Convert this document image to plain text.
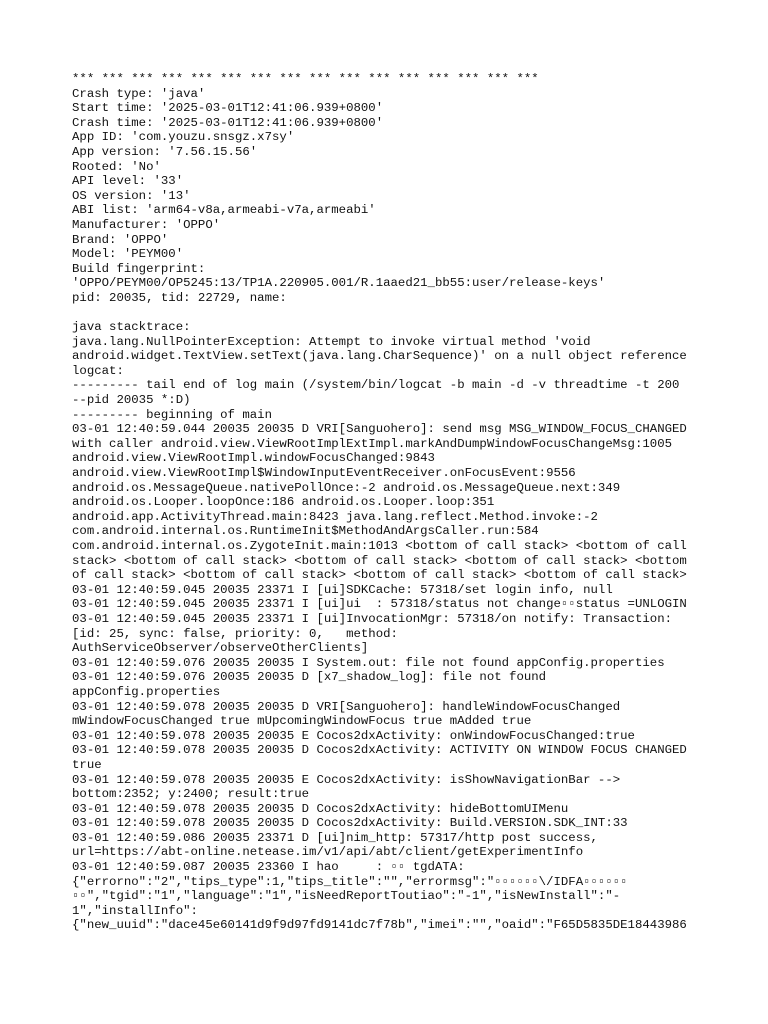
*** *** *** *** *** *** *** *** *** *** *** *** *** *** *** ***
Crash type: 'java'
Start time: '2025-03-01T12:41:06.939+0800'
Crash time: '2025-03-01T12:41:06.939+0800'
App ID: 'com.youzu.snsgz.x7sy'
App version: '7.56.15.56'
Rooted: 'No'
API level: '33'
OS version: '13'
ABI list: 'arm64-v8a,armeabi-v7a,armeabi'
Manufacturer: 'OPPO'
Brand: 'OPPO'
Model: 'PEYM00'
Build fingerprint:
'OPPO/PEYM00/OP5245:13/TP1A.220905.001/R.1aaed21_bb55:user/release-keys'
pid: 20035, tid: 22729, name:

java stacktrace:
java.lang.NullPointerException: Attempt to invoke virtual method 'void
android.widget.TextView.setText(java.lang.CharSequence)' on a null object reference
logcat:
--------- tail end of log main (/system/bin/logcat -b main -d -v threadtime -t 200
--pid 20035 *:D)
--------- beginning of main
03-01 12:40:59.044 20035 20035 D VRI[Sanguohero]: send msg MSG_WINDOW_FOCUS_CHANGED
with caller android.view.ViewRootImplExtImpl.markAndDumpWindowFocusChangeMsg:1005
android.view.ViewRootImpl.windowFocusChanged:9843
android.view.ViewRootImpl$WindowInputEventReceiver.onFocusEvent:9556
android.os.MessageQueue.nativePollOnce:-2 android.os.MessageQueue.next:349
android.os.Looper.loopOnce:186 android.os.Looper.loop:351
android.app.ActivityThread.main:8423 java.lang.reflect.Method.invoke:-2
com.android.internal.os.RuntimeInit$MethodAndArgsCaller.run:584
com.android.internal.os.ZygoteInit.main:1013 <bottom of call stack> <bottom of call
stack> <bottom of call stack> <bottom of call stack> <bottom of call stack> <bottom
of call stack> <bottom of call stack> <bottom of call stack> <bottom of call stack>
03-01 12:40:59.045 20035 23371 I [ui]SDKCache: 57318/set login info, null
03-01 12:40:59.045 20035 23371 I [ui]ui  : 57318/status not change▫▫status =UNLOGIN
03-01 12:40:59.045 20035 23371 I [ui]InvocationMgr: 57318/on notify: Transaction:
[id: 25, sync: false, priority: 0,   method:
AuthServiceObserver/observeOtherClients]
03-01 12:40:59.076 20035 20035 I System.out: file not found appConfig.properties
03-01 12:40:59.076 20035 20035 D [x7_shadow_log]: file not found
appConfig.properties
03-01 12:40:59.078 20035 20035 D VRI[Sanguohero]: handleWindowFocusChanged
mWindowFocusChanged true mUpcomingWindowFocus true mAdded true
03-01 12:40:59.078 20035 20035 E Cocos2dxActivity: onWindowFocusChanged:true
03-01 12:40:59.078 20035 20035 D Cocos2dxActivity: ACTIVITY ON WINDOW FOCUS CHANGED
true
03-01 12:40:59.078 20035 20035 E Cocos2dxActivity: isShowNavigationBar -->
bottom:2352; y:2400; result:true
03-01 12:40:59.078 20035 20035 D Cocos2dxActivity: hideBottomUIMenu
03-01 12:40:59.078 20035 20035 D Cocos2dxActivity: Build.VERSION.SDK_INT:33
03-01 12:40:59.086 20035 23371 D [ui]nim_http: 57317/http post success,
url=https://abt-online.netease.im/v1/api/abt/client/getExperimentInfo
03-01 12:40:59.087 20035 23360 I hao     : ▫▫ tgdATA:
{"errorno":"2","tips_type":1,"tips_title":"","errormsg":"▫▫▫▫▫▫\/IDFA▫▫▫▫▫▫
▫▫","tgid":"1","language":"1","isNeedReportToutiao":"-1","isNewInstall":"-
1","installInfo":
{"new_uuid":"dace45e60141d9f9d97fd9141dc7f78b","imei":"","oaid":"F65D5835DE18443986
